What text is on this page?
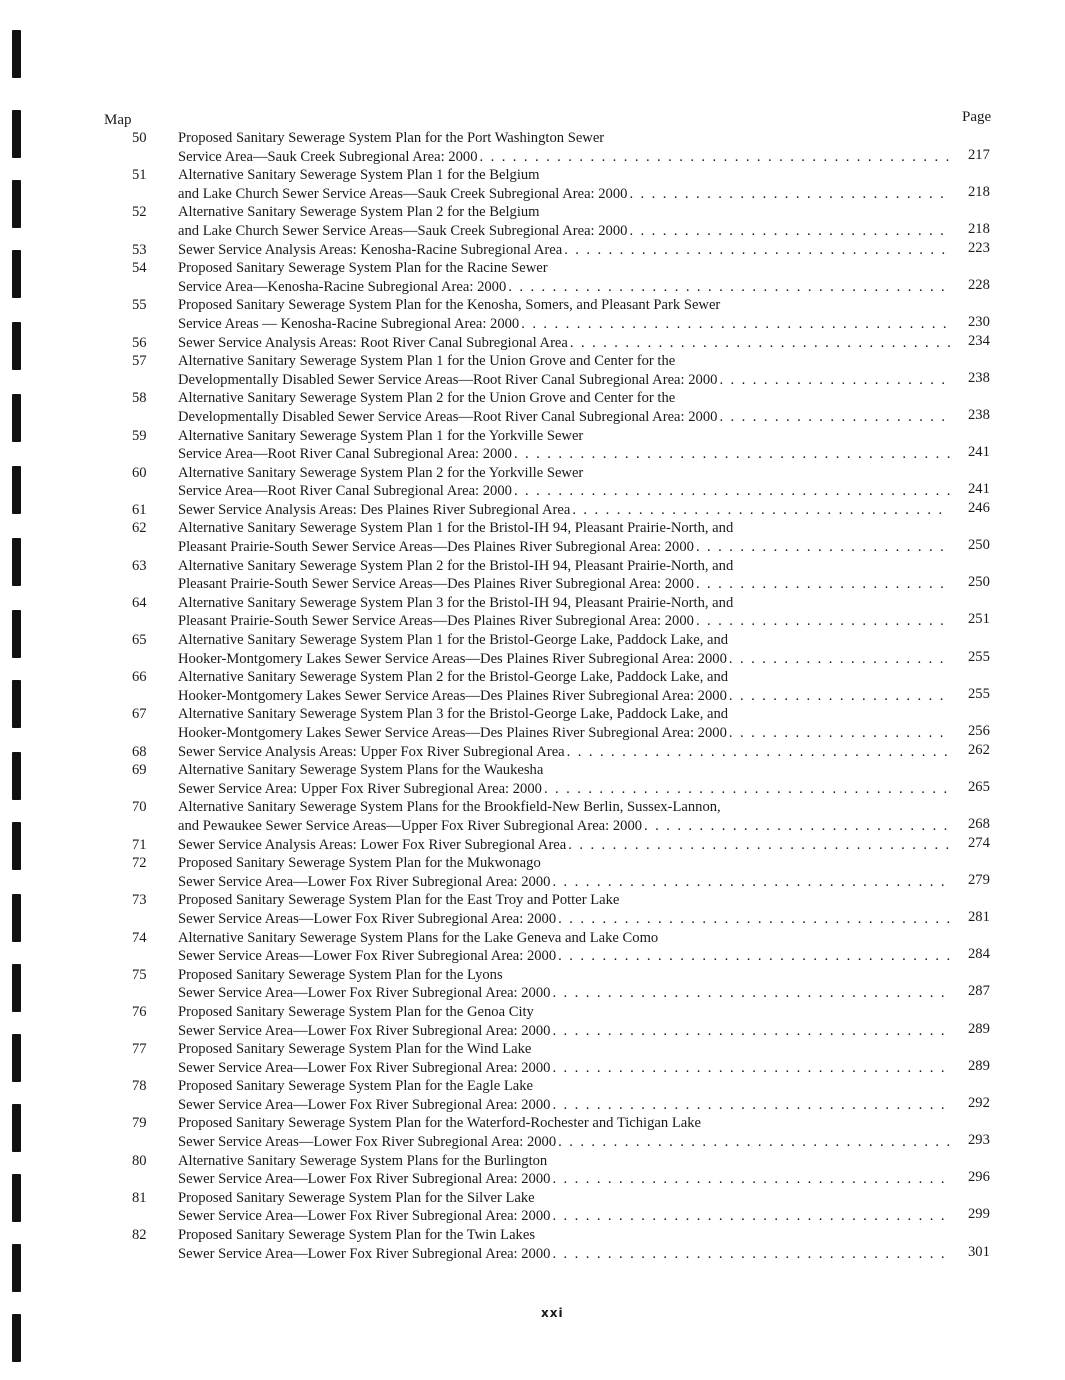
Map	Page
50	Proposed Sanitary Sewerage System Plan for the Port Washington Sewer
Service Area—Sauk Creek Subregional Area: 2000 . . .	217
51	Alternative Sanitary Sewerage System Plan 1 for the Belgium
and Lake Church Sewer Service Areas—Sauk Creek Subregional Area: 2000 . . .	218
52	Alternative Sanitary Sewerage System Plan 2 for the Belgium
and Lake Church Sewer Service Areas—Sauk Creek Subregional Area: 2000 . . .	218
53	Sewer Service Analysis Areas: Kenosha-Racine Subregional Area . . .	223
54	Proposed Sanitary Sewerage System Plan for the Racine Sewer
Service Area—Kenosha-Racine Subregional Area: 2000 . . .	228
55	Proposed Sanitary Sewerage System Plan for the Kenosha, Somers, and Pleasant Park Sewer
Service Areas — Kenosha-Racine Subregional Area: 2000 . . .	230
56	Sewer Service Analysis Areas: Root River Canal Subregional Area . . .	234
57	Alternative Sanitary Sewerage System Plan 1 for the Union Grove and Center for the
Developmentally Disabled Sewer Service Areas—Root River Canal Subregional Area: 2000 . . .	238
58	Alternative Sanitary Sewerage System Plan 2 for the Union Grove and Center for the
Developmentally Disabled Sewer Service Areas—Root River Canal Subregional Area: 2000 . . .	238
59	Alternative Sanitary Sewerage System Plan 1 for the Yorkville Sewer
Service Area—Root River Canal Subregional Area: 2000 . . .	241
60	Alternative Sanitary Sewerage System Plan 2 for the Yorkville Sewer
Service Area—Root River Canal Subregional Area: 2000 . . .	241
61	Sewer Service Analysis Areas: Des Plaines River Subregional Area . . .	246
62	Alternative Sanitary Sewerage System Plan 1 for the Bristol-IH 94, Pleasant Prairie-North, and
Pleasant Prairie-South Sewer Service Areas—Des Plaines River Subregional Area: 2000 . . .	250
63	Alternative Sanitary Sewerage System Plan 2 for the Bristol-IH 94, Pleasant Prairie-North, and
Pleasant Prairie-South Sewer Service Areas—Des Plaines River Subregional Area: 2000 . . .	250
64	Alternative Sanitary Sewerage System Plan 3 for the Bristol-IH 94, Pleasant Prairie-North, and
Pleasant Prairie-South Sewer Service Areas—Des Plaines River Subregional Area: 2000 . . .	251
65	Alternative Sanitary Sewerage System Plan 1 for the Bristol-George Lake, Paddock Lake, and
Hooker-Montgomery Lakes Sewer Service Areas—Des Plaines River Subregional Area: 2000 . . .	255
66	Alternative Sanitary Sewerage System Plan 2 for the Bristol-George Lake, Paddock Lake, and
Hooker-Montgomery Lakes Sewer Service Areas—Des Plaines River Subregional Area: 2000 . . .	255
67	Alternative Sanitary Sewerage System Plan 3 for the Bristol-George Lake, Paddock Lake, and
Hooker-Montgomery Lakes Sewer Service Areas—Des Plaines River Subregional Area: 2000 . . .	256
68	Sewer Service Analysis Areas: Upper Fox River Subregional Area . . .	262
69	Alternative Sanitary Sewerage System Plans for the Waukesha
Sewer Service Area: Upper Fox River Subregional Area: 2000 . . .	265
70	Alternative Sanitary Sewerage System Plans for the Brookfield-New Berlin, Sussex-Lannon,
and Pewaukee Sewer Service Areas—Upper Fox River Subregional Area: 2000 . . .	268
71	Sewer Service Analysis Areas: Lower Fox River Subregional Area . . .	274
72	Proposed Sanitary Sewerage System Plan for the Mukwonago
Sewer Service Area—Lower Fox River Subregional Area: 2000 . . .	279
73	Proposed Sanitary Sewerage System Plan for the East Troy and Potter Lake
Sewer Service Areas—Lower Fox River Subregional Area: 2000 . . .	281
74	Alternative Sanitary Sewerage System Plans for the Lake Geneva and Lake Como
Sewer Service Areas—Lower Fox River Subregional Area: 2000 . . .	284
75	Proposed Sanitary Sewerage System Plan for the Lyons
Sewer Service Area—Lower Fox River Subregional Area: 2000 . . .	287
76	Proposed Sanitary Sewerage System Plan for the Genoa City
Sewer Service Area—Lower Fox River Subregional Area: 2000 . . .	289
77	Proposed Sanitary Sewerage System Plan for the Wind Lake
Sewer Service Area—Lower Fox River Subregional Area: 2000 . . .	289
78	Proposed Sanitary Sewerage System Plan for the Eagle Lake
Sewer Service Area—Lower Fox River Subregional Area: 2000 . . .	292
79	Proposed Sanitary Sewerage System Plan for the Waterford-Rochester and Tichigan Lake
Sewer Service Areas—Lower Fox River Subregional Area: 2000 . . .	293
80	Alternative Sanitary Sewerage System Plans for the Burlington
Sewer Service Area—Lower Fox River Subregional Area: 2000 . . .	296
81	Proposed Sanitary Sewerage System Plan for the Silver Lake
Sewer Service Area—Lower Fox River Subregional Area: 2000 . . .	299
82	Proposed Sanitary Sewerage System Plan for the Twin Lakes
Sewer Service Area—Lower Fox River Subregional Area: 2000 . . .	301
xxi
